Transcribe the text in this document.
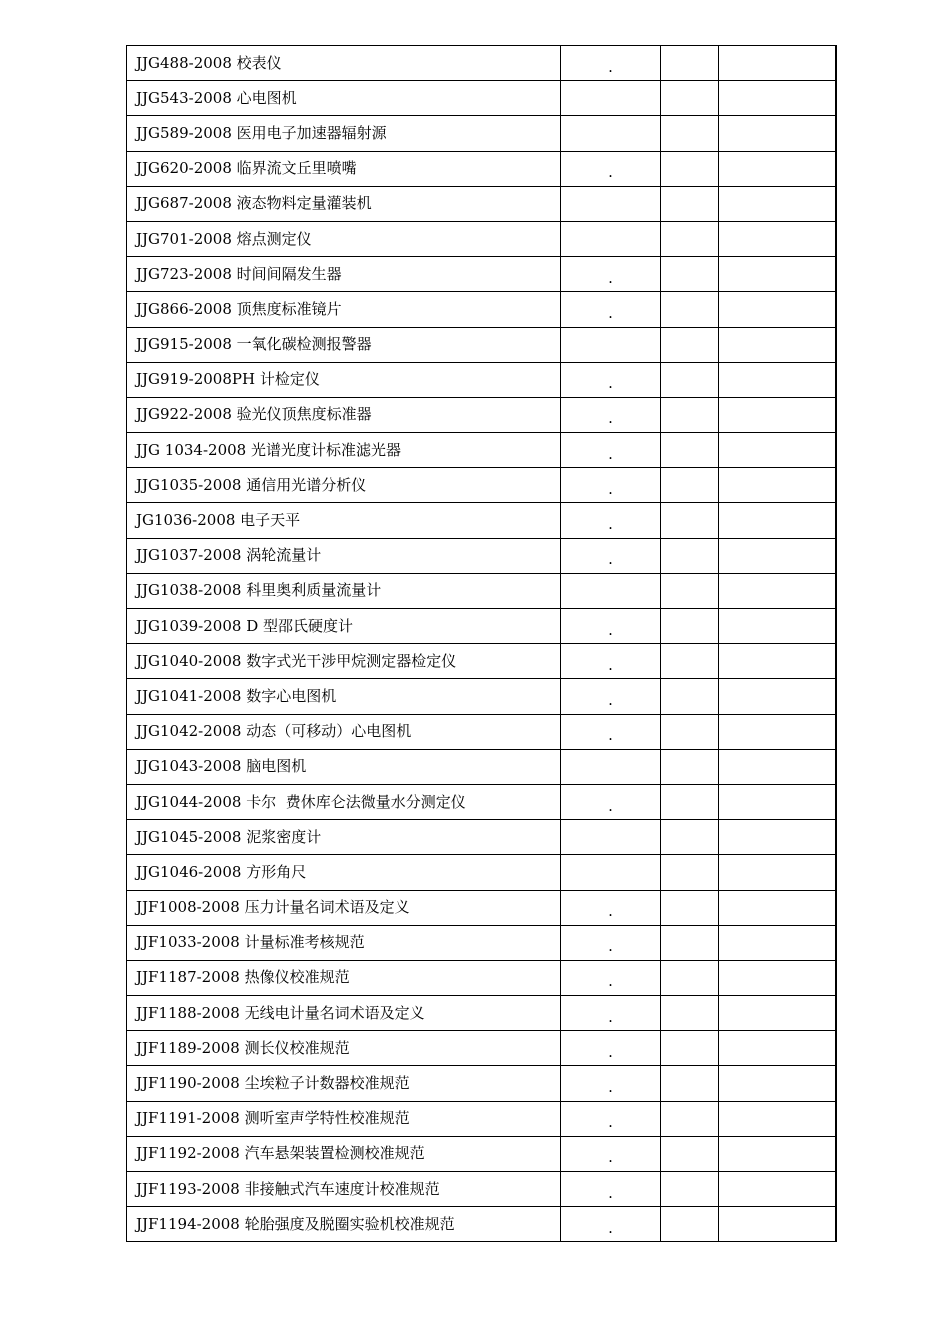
JJG488-2008 校表仪	.		
JJG543-2008 心电图机			
JJG589-2008 医用电子加速器辐射源			
JJG620-2008 临界流文丘里喷嘴	.		
JJG687-2008 液态物料定量灌装机			
JJG701-2008 熔点测定仪			
JJG723-2008 时间间隔发生器	.		
JJG866-2008 顶焦度标准镜片	.		
JJG915-2008 一氧化碳检测报警器			
JJG919-2008PH 计检定仪	.		
JJG922-2008 验光仪顶焦度标准器	.		
JJG 1034-2008 光谱光度计标准滤光器	.		
JJG1035-2008 通信用光谱分析仪	.		
JG1036-2008 电子天平	.		
JJG1037-2008 涡轮流量计	.		
JJG1038-2008 科里奥利质量流量计			
JJG1039-2008 D 型邵氏硬度计	.		
JJG1040-2008 数字式光干涉甲烷测定器检定仪	.		
JJG1041-2008 数字心电图机	.		
JJG1042-2008 动态（可移动）心电图机	.		
JJG1043-2008 脑电图机			
JJG1044-2008 卡尔  费休库仑法微量水分测定仪	.		
JJG1045-2008 泥浆密度计			
JJG1046-2008 方形角尺			
JJF1008-2008 压力计量名词术语及定义	.		
JJF1033-2008 计量标准考核规范	.		
JJF1187-2008 热像仪校准规范	.		
JJF1188-2008 无线电计量名词术语及定义	.		
JJF1189-2008 测长仪校准规范	.		
JJF1190-2008 尘埃粒子计数器校准规范	.		
JJF1191-2008 测听室声学特性校准规范	.		
JJF1192-2008 汽车悬架装置检测校准规范	.		
JJF1193-2008 非接触式汽车速度计校准规范	.		
JJF1194-2008 轮胎强度及脱圈实验机校准规范	.		
